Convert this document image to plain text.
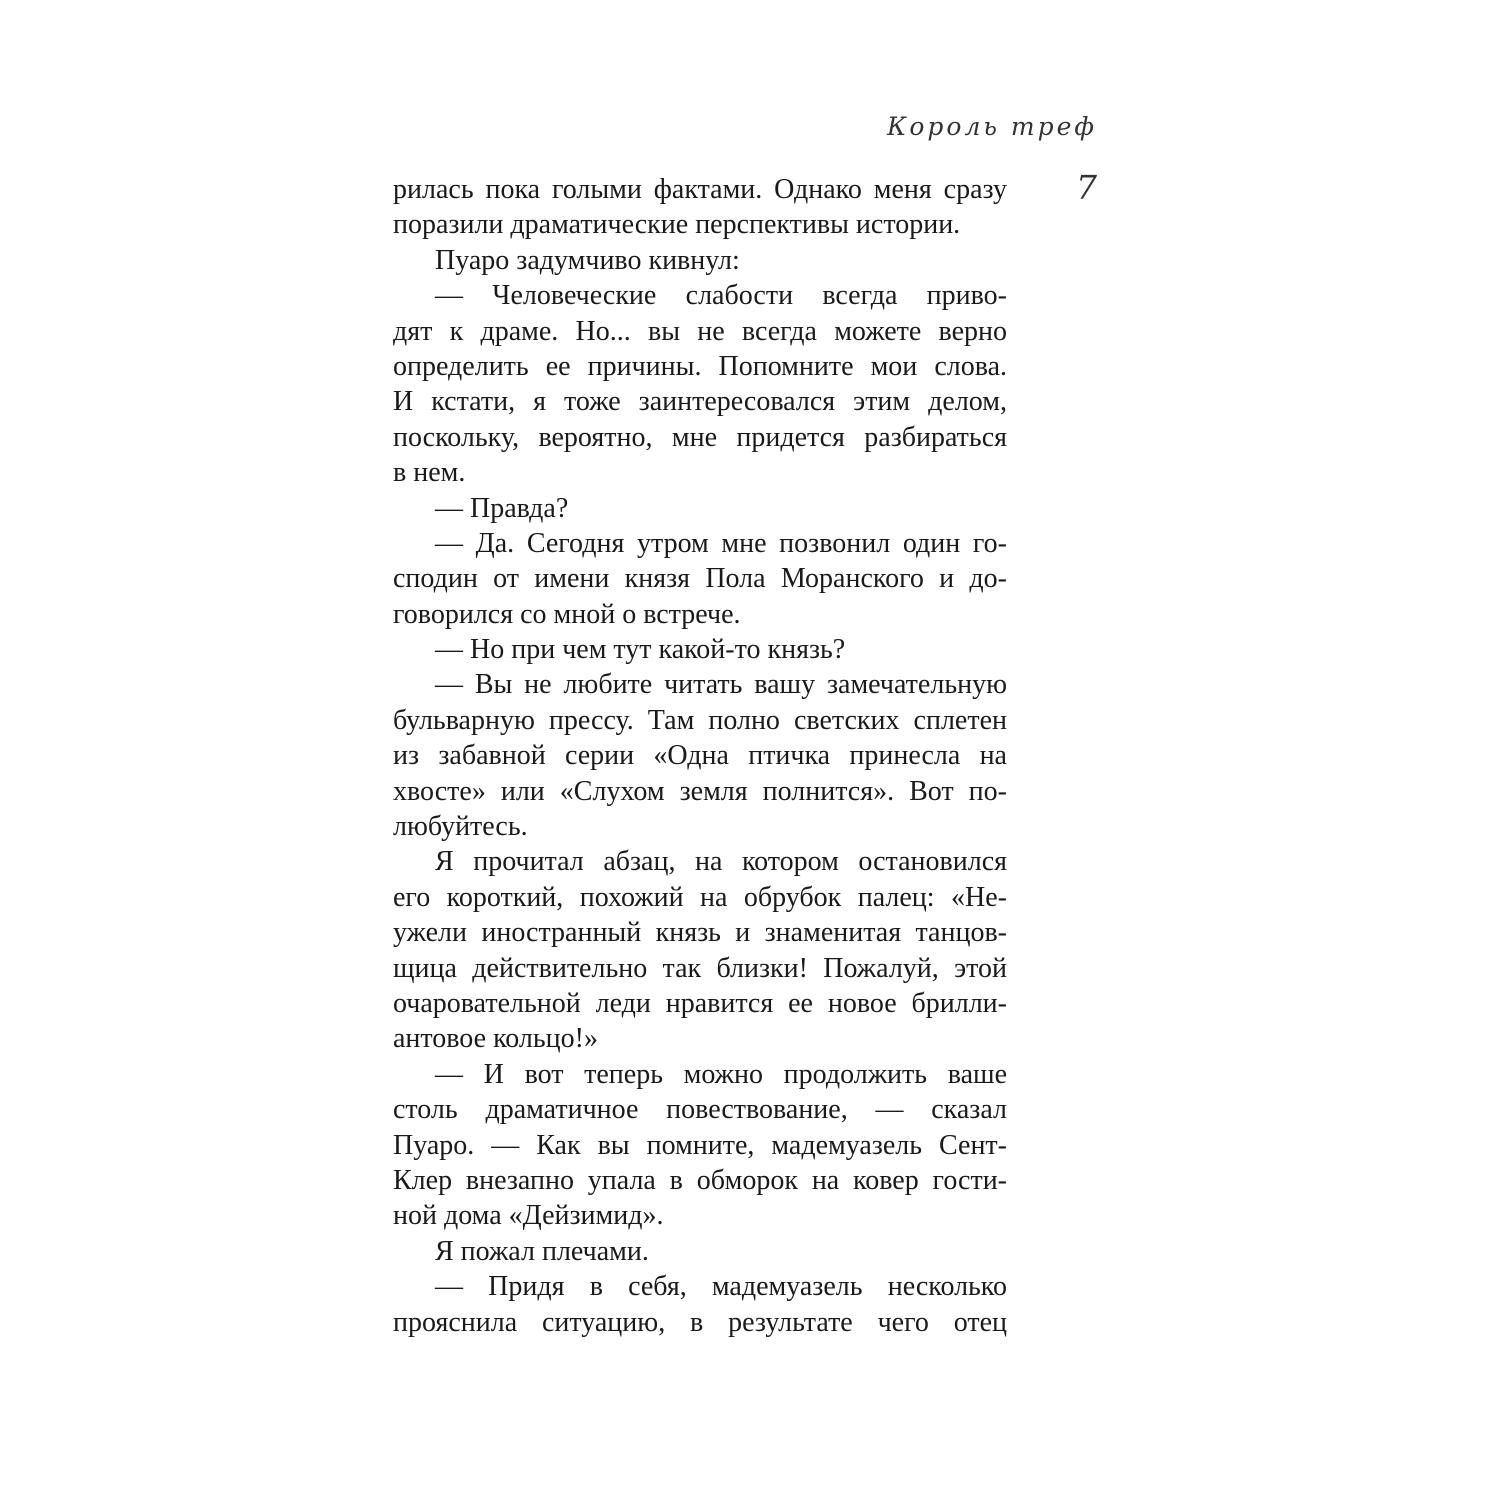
Король треф
7
рилась пока голыми фактами. Однако меня сразу
поразили драматические перспективы истории.
Пуаро задумчиво кивнул:
— Человеческие слабости всегда приво-
дят к драме. Но... вы не всегда можете верно
определить ее причины. Попомните мои слова.
И кстати, я тоже заинтересовался этим делом,
поскольку, вероятно, мне придется разбираться
в нем.
— Правда?
— Да. Сегодня утром мне позвонил один го-
сподин от имени князя Пола Моранского и до-
говорился со мной о встрече.
— Но при чем тут какой-то князь?
— Вы не любите читать вашу замечательную
бульварную прессу. Там полно светских сплетен
из забавной серии «Одна птичка принесла на
хвосте» или «Слухом земля полнится». Вот по-
любуйтесь.
Я прочитал абзац, на котором остановился
его короткий, похожий на обрубок палец: «Не-
ужели иностранный князь и знаменитая танцов-
щица действительно так близки! Пожалуй, этой
очаровательной леди нравится ее новое брилли-
антовое кольцо!»
— И вот теперь можно продолжить ваше
столь драматичное повествование, — сказал
Пуаро. — Как вы помните, мадемуазель Сент-
Клер внезапно упала в обморок на ковер гости-
ной дома «Дейзимид».
Я пожал плечами.
— Придя в себя, мадемуазель несколько
прояснила ситуацию, в результате чего отец
